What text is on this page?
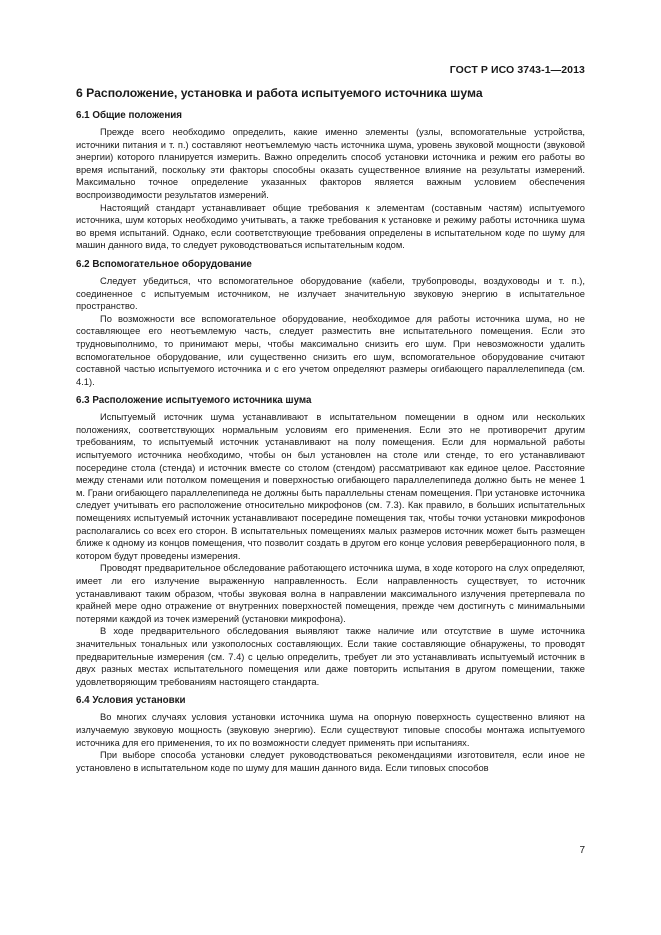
ГОСТ Р ИСО 3743-1—2013
6 Расположение, установка и работа испытуемого источника шума
6.1 Общие положения

Прежде всего необходимо определить, какие именно элементы (узлы, вспомогательные устройства, источники питания и т. п.) составляют неотъемлемую часть источника шума, уровень звуковой мощности (звуковой энергии) которого планируется измерить. Важно определить способ установки источника и режим его работы во время испытаний, поскольку эти факторы способны оказать существенное влияние на результаты измерений. Максимально точное определение указанных факторов является важным условием обеспечения воспроизводимости результатов измерений.

Настоящий стандарт устанавливает общие требования к элементам (составным частям) испытуемого источника, шум которых необходимо учитывать, а также требования к установке и режиму работы источника шума во время испытаний. Однако, если соответствующие требования определены в испытательном коде по шуму для машин данного вида, то следует руководствоваться испытательным кодом.

6.2 Вспомогательное оборудование

Следует убедиться, что вспомогательное оборудование (кабели, трубопроводы, воздуховоды и т. п.), соединенное с испытуемым источником, не излучает значительную звуковую энергию в испытательное пространство.

По возможности все вспомогательное оборудование, необходимое для работы источника шума, но не составляющее его неотъемлемую часть, следует разместить вне испытательного помещения. Если это трудновыполнимо, то принимают меры, чтобы максимально снизить его шум. При невозможности удалить вспомогательное оборудование, или существенно снизить его шум, вспомогательное оборудование считают составной частью испытуемого источника и с его учетом определяют размеры огибающего параллелепипеда (см. 4.1).

6.3 Расположение испытуемого источника шума

Испытуемый источник шума устанавливают в испытательном помещении в одном или нескольких положениях, соответствующих нормальным условиям его применения. Если это не противоречит другим требованиям, то испытуемый источник устанавливают на полу помещения. Если для нормальной работы испытуемого источника необходимо, чтобы он был установлен на столе или стенде, то его устанавливают посередине стола (стенда) и источник вместе со столом (стендом) рассматривают как единое целое. Расстояние между стенами или потолком помещения и поверхностью огибающего параллелепипеда должно быть не менее 1 м. Грани огибающего параллелепипеда не должны быть параллельны стенам помещения. При установке источника следует учитывать его расположение относительно микрофонов (см. 7.3). Как правило, в больших испытательных помещениях испытуемый источник устанавливают посередине помещения так, чтобы точки установки микрофонов располагались со всех его сторон. В испытательных помещениях малых размеров источник может быть размещен ближе к одному из концов помещения, что позволит создать в другом его конце условия реверберационного поля, в котором будут проведены измерения.

Проводят предварительное обследование работающего источника шума, в ходе которого на слух определяют, имеет ли его излучение выраженную направленность. Если направленность существует, то источник устанавливают таким образом, чтобы звуковая волна в направлении максимального излучения претерпевала по крайней мере одно отражение от внутренних поверхностей помещения, прежде чем достигнуть с минимальными потерями каждой из точек измерений (установки микрофона).

В ходе предварительного обследования выявляют также наличие или отсутствие в шуме источника значительных тональных или узкополосных составляющих. Если такие составляющие обнаружены, то проводят предварительные измерения (см. 7.4) с целью определить, требует ли это устанавливать испытуемый источник в двух разных местах испытательного помещения или даже повторить испытания в другом помещении, также удовлетворяющим требованиям настоящего стандарта.

6.4 Условия установки

Во многих случаях условия установки источника шума на опорную поверхность существенно влияют на излучаемую звуковую мощность (звуковую энергию). Если существуют типовые способы монтажа испытуемого источника для его применения, то их по возможности следует применять при испытаниях.

При выборе способа установки следует руководствоваться рекомендациями изготовителя, если иное не установлено в испытательном коде по шуму для машин данного вида. Если типовых способов

7
